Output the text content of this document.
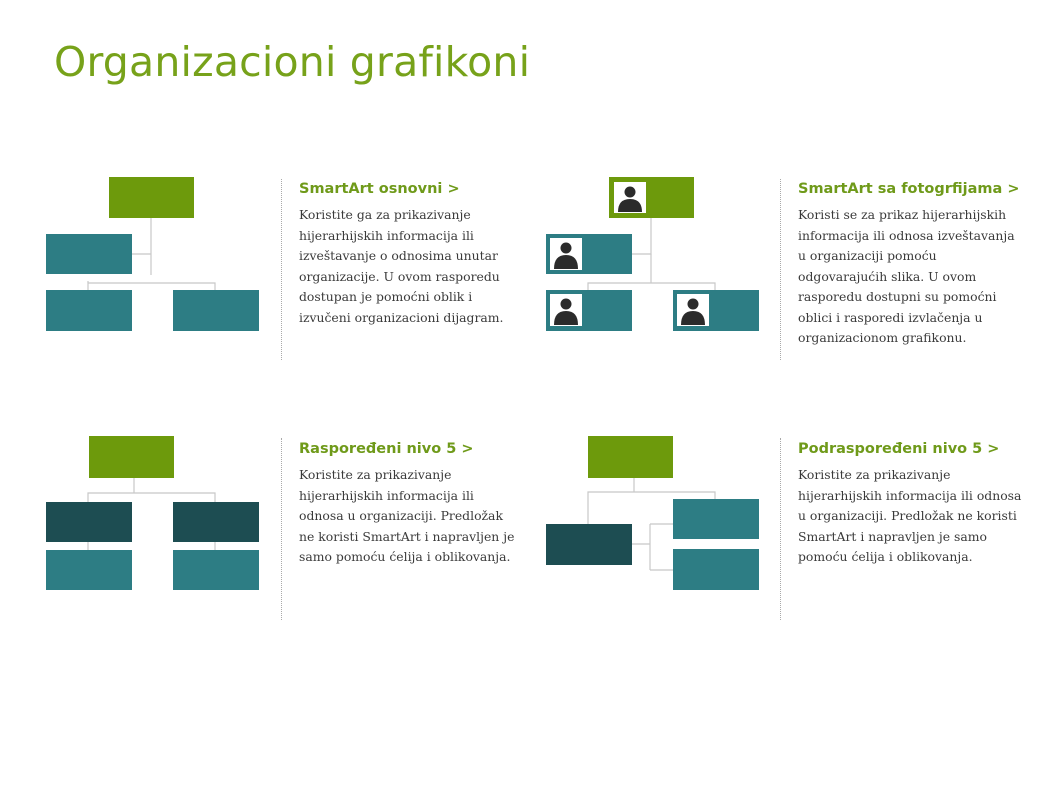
Organizacioni grafikoni
SmartArt osnovni >

Koristite ga za prikazivanje
hijerarhijskih informacija ili
izveštavanje o odnosima unutar
organizacije. U ovom rasporedu
dostupan je pomoćni oblik i
izvučeni organizacioni dijagram.

SmartArt sa fotogrfijama >

Koristi se za prikaz hijerarhijskih
informacija ili odnosa izveštavanja
u organizaciji pomoću
odgovarajućih slika. U ovom
rasporedu dostupni su pomoćni
oblici i rasporedi izvlačenja u
organizacionom grafikonu.

Raspoređeni nivo 5 >

Koristite za prikazivanje
hijerarhijskih informacija ili
odnosa u organizaciji. Predložak
ne koristi SmartArt i napravljen je
samo pomoću ćelija i oblikovanja.

Podraspoređeni nivo 5 >

Koristite za prikazivanje
hijerarhijskih informacija ili odnosa
u organizaciji. Predložak ne koristi
SmartArt i napravljen je samo
pomoću ćelija i oblikovanja.
